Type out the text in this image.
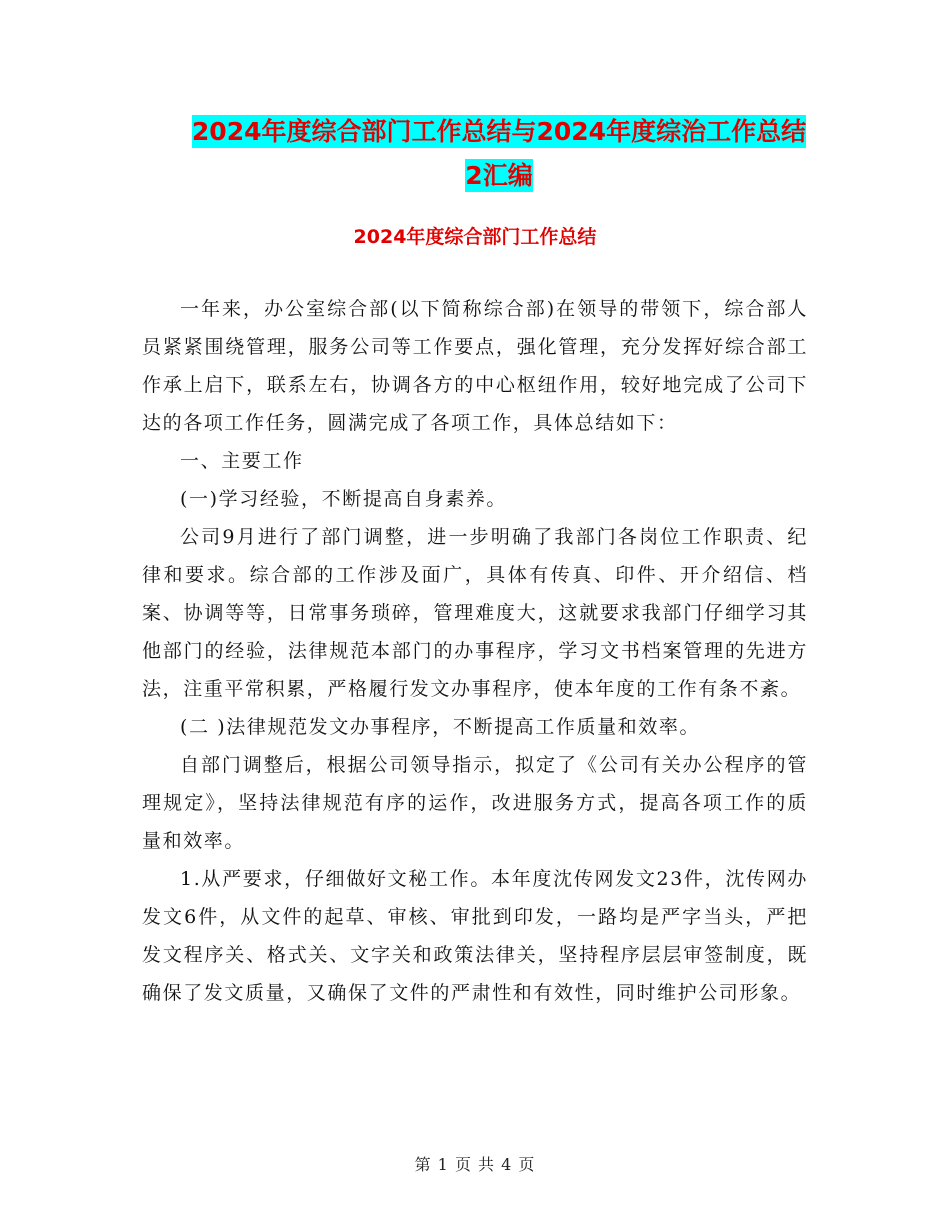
2024年度综合部门工作总结与2024年度综治工作总结2汇编
2024年度综合部门工作总结

一年来，办公室综合部(以下简称综合部)在领导的带领下，综合部人员紧紧围绕管理，服务公司等工作要点，强化管理，充分发挥好综合部工作承上启下，联系左右，协调各方的中心枢纽作用，较好地完成了公司下达的各项工作任务，圆满完成了各项工作，具体总结如下：

一、主要工作

(一)学习经验，不断提高自身素养。

公司9月进行了部门调整，进一步明确了我部门各岗位工作职责、纪律和要求。综合部的工作涉及面广，具体有传真、印件、开介绍信、档案、协调等等，日常事务琐碎，管理难度大，这就要求我部门仔细学习其他部门的经验，法律规范本部门的办事程序，学习文书档案管理的先进方法，注重平常积累，严格履行发文办事程序，使本年度的工作有条不紊。

(二 )法律规范发文办事程序，不断提高工作质量和效率。

自部门调整后，根据公司领导指示，拟定了《公司有关办公程序的管理规定》，坚持法律规范有序的运作，改进服务方式，提高各项工作的质量和效率。

1.从严要求，仔细做好文秘工作。本年度沈传网发文23件，沈传网办发文6件，从文件的起草、审核、审批到印发，一路均是严字当头，严把发文程序关、格式关、文字关和政策法律关，坚持程序层层审签制度，既确保了发文质量，又确保了文件的严肃性和有效性，同时维护公司形象。

第 1 页 共 4 页
